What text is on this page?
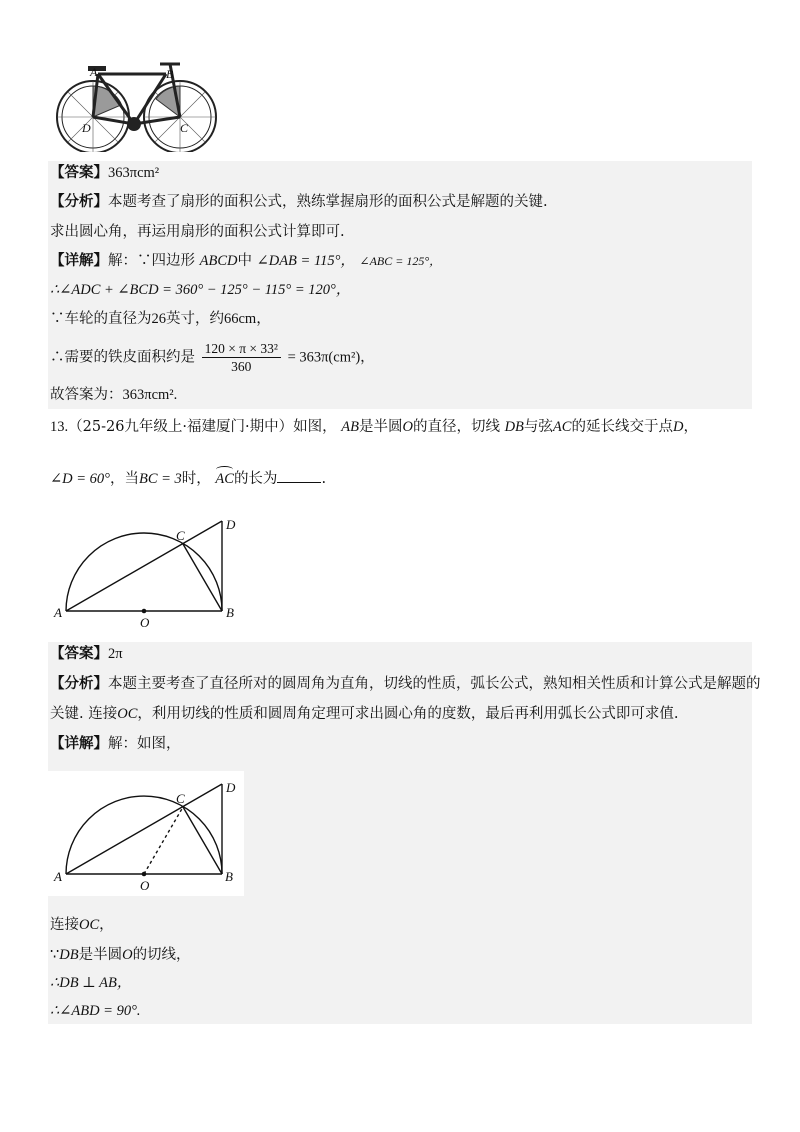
A	B
C
D
【答案】363πcm²
【分析】本题考查了扇形的面积公式，熟练掌握扇形的面积公式是解题的关键.
求出圆心角，再运用扇形的面积公式计算即可.
【详解】解：∵四边形 ABCD中 ∠DAB = 115°， ∠ABC = 125°，
∴∠ADC + ∠BCD = 360° − 125° − 115° = 120°，
∵车轮的直径为26英寸，约66cm，
∴需要的铁皮面积约是 $\frac{\text{120 × π × 33²}}{360} = 363\pi(cm^2)$，
故答案为：363πcm².
13.（25-26九年级上·福建厦门·期中）如图， AB是半圆O的直径，切线 DB与弦AC的延长线交于点D，
∠D = 60°，当BC = 3时， AC的长为	.
A	B
C
D
O
【答案】2π
【分析】本题主要考查了直径所对的圆周角为直角，切线的性质，弧长公式，熟知相关性质和计算公式是解题的
关键. 连接OC，利用切线的性质和圆周角定理可求出圆心角的度数，最后再利用弧长公式即可求值.
【详解】解：如图，
A	B
C
D
O
连接OC，
∵DB是半圆O的切线，
∴DB ⊥ AB，
∴∠ABD = 90°.
